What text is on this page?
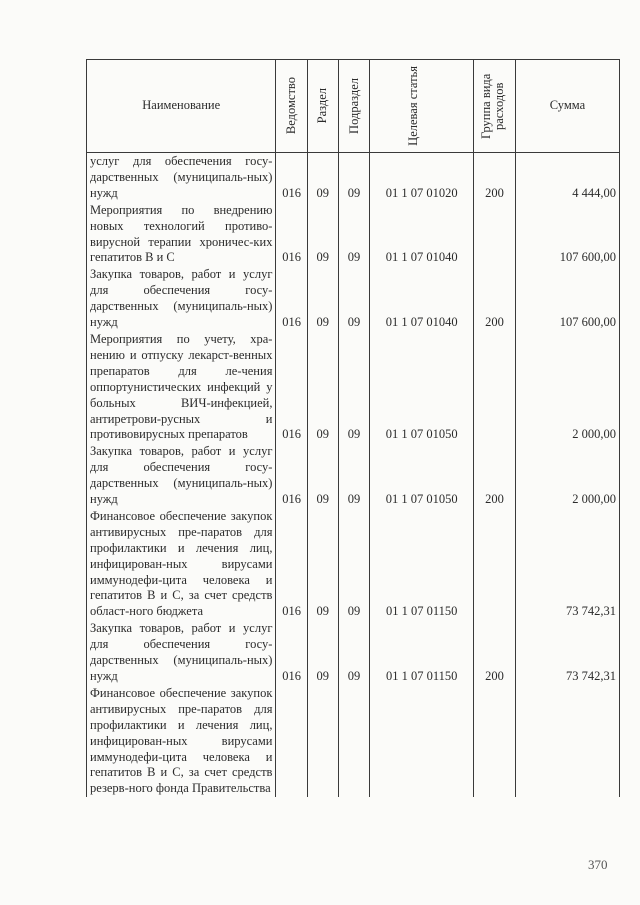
Наименование	Ведомство	Раздел	Подраздел	Целевая статья	Группа вида расходов	Сумма
услуг для обеспечения госу-дарственных (муниципаль-ных) нужд	016	09	09	01 1 07 01020	200	4 444,00
Мероприятия по внедрению новых технологий противо-вирусной терапии хроничес-ких гепатитов В и С	016	09	09	01 1 07 01040		107 600,00
Закупка товаров, работ и услуг для обеспечения госу-дарственных (муниципаль-ных) нужд	016	09	09	01 1 07 01040	200	107 600,00
Мероприятия по учету, хра-нению и отпуску лекарст-венных препаратов для ле-чения оппортунистических инфекций у больных ВИЧ-инфекцией, антиретрови-русных и противовирусных препаратов	016	09	09	01 1 07 01050		2 000,00
Закупка товаров, работ и услуг для обеспечения госу-дарственных (муниципаль-ных) нужд	016	09	09	01 1 07 01050	200	2 000,00
Финансовое обеспечение закупок антивирусных пре-паратов для профилактики и лечения лиц, инфицирован-ных вирусами иммунодефи-цита человека и гепатитов В и С, за счет средств област-ного бюджета	016	09	09	01 1 07 01150		73 742,31
Закупка товаров, работ и услуг для обеспечения госу-дарственных (муниципаль-ных) нужд	016	09	09	01 1 07 01150	200	73 742,31
Финансовое обеспечение закупок антивирусных пре-паратов для профилактики и лечения лиц, инфицирован-ных вирусами иммунодефи-цита человека и гепатитов В и С, за счет средств резерв-ного фонда Правительства						
370
